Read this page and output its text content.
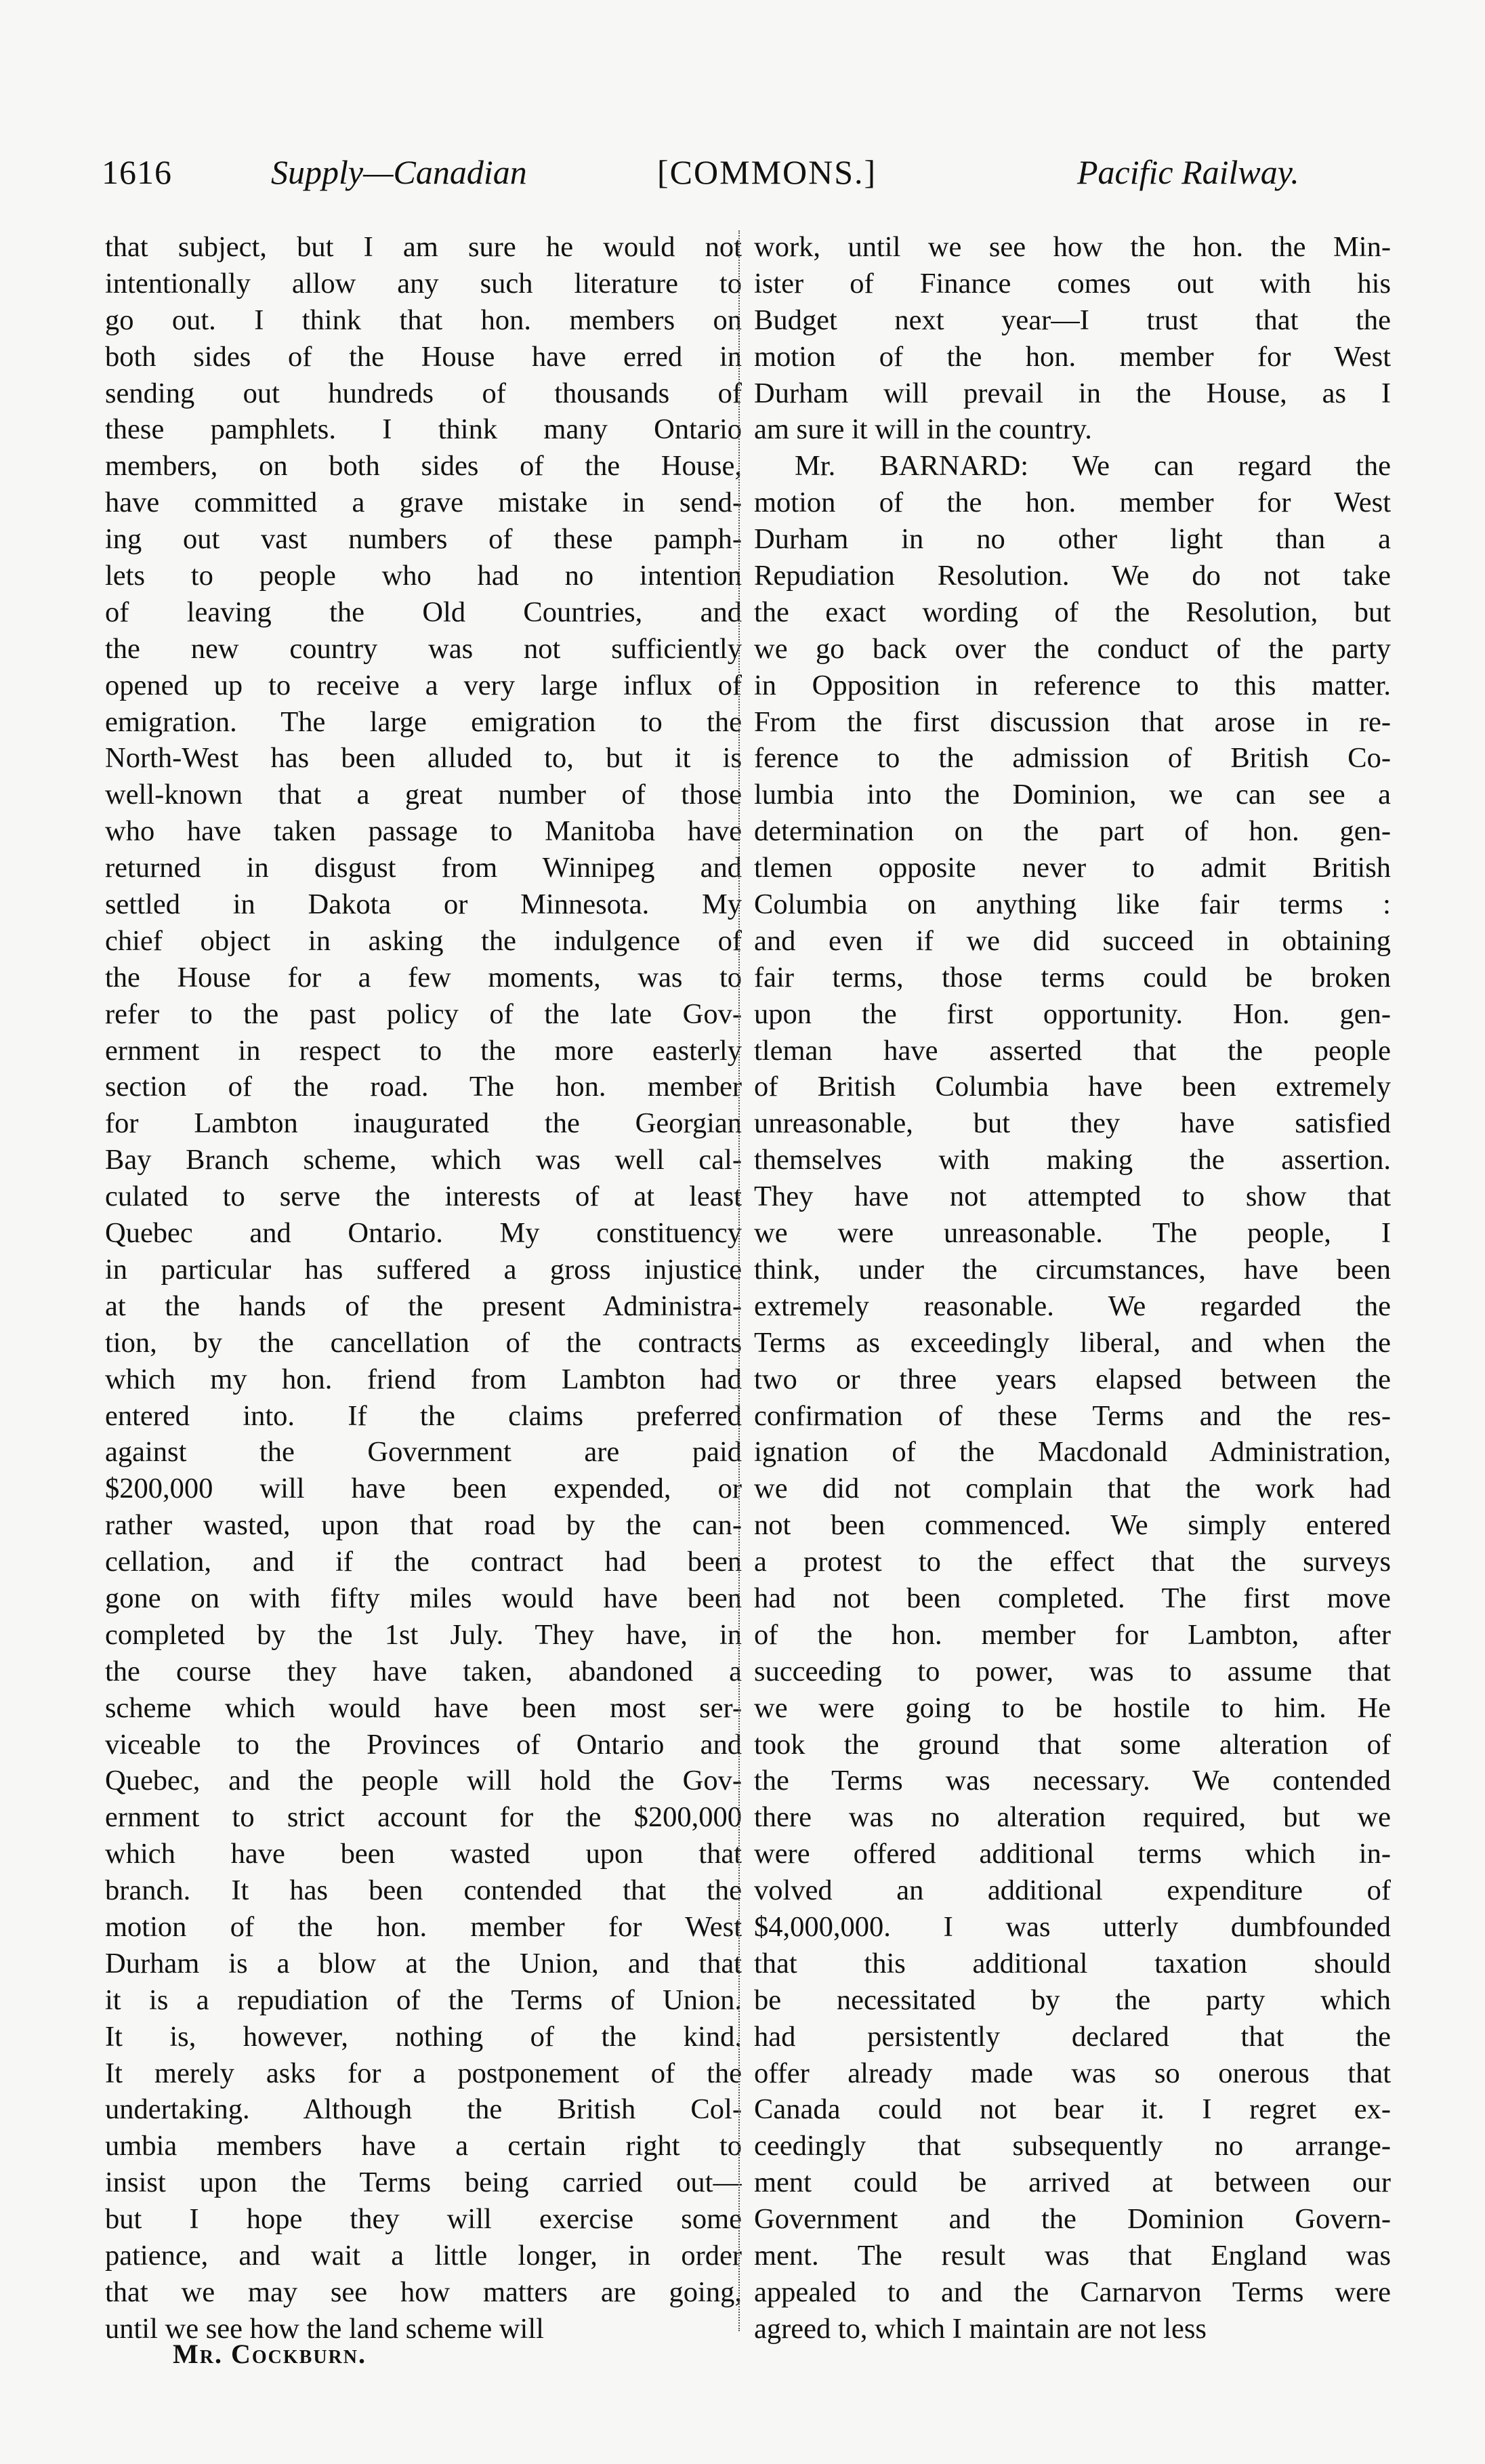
1616	Supply—Canadian	[COMMONS.]	Pacific Railway.
that subject, but I am sure he would not
intentionally allow any such literature to
go out. I think that hon. members on
both sides of the House have erred in
sending out hundreds of thousands of
these pamphlets. I think many Ontario
members, on both sides of the House,
have committed a grave mistake in send-
ing out vast numbers of these pamph-
lets to people who had no intention
of leaving the Old Countries, and
the new country was not sufficiently
opened up to receive a very large influx of
emigration. The large emigration to the
North-West has been alluded to, but it is
well-known that a great number of those
who have taken passage to Manitoba have
returned in disgust from Winnipeg and
settled in Dakota or Minnesota. My
chief object in asking the indulgence of
the House for a few moments, was to
refer to the past policy of the late Gov-
ernment in respect to the more easterly
section of the road. The hon. member
for Lambton inaugurated the Georgian
Bay Branch scheme, which was well cal-
culated to serve the interests of at least
Quebec and Ontario. My constituency
in particular has suffered a gross injustice
at the hands of the present Administra-
tion, by the cancellation of the contracts
which my hon. friend from Lambton had
entered into. If the claims preferred
against the Government are paid
$200,000 will have been expended, or
rather wasted, upon that road by the can-
cellation, and if the contract had been
gone on with fifty miles would have been
completed by the 1st July. They have, in
the course they have taken, abandoned a
scheme which would have been most ser-
viceable to the Provinces of Ontario and
Quebec, and the people will hold the Gov-
ernment to strict account for the $200,000
which have been wasted upon that
branch. It has been contended that the
motion of the hon. member for West
Durham is a blow at the Union, and that
it is a repudiation of the Terms of Union.
It is, however, nothing of the kind.
It merely asks for a postponement of the
undertaking. Although the British Col-
umbia members have a certain right to
insist upon the Terms being carried out—
but I hope they will exercise some
patience, and wait a little longer, in order
that we may see how matters are going,
until we see how the land scheme will
work, until we see how the hon. the Min-
ister of Finance comes out with his
Budget next year—I trust that the
motion of the hon. member for West
Durham will prevail in the House, as I
am sure it will in the country.
Mr. BARNARD: We can regard the
motion of the hon. member for West
Durham in no other light than a
Repudiation Resolution. We do not take
the exact wording of the Resolution, but
we go back over the conduct of the party
in Opposition in reference to this matter.
From the first discussion that arose in re-
ference to the admission of British Co-
lumbia into the Dominion, we can see a
determination on the part of hon. gen-
tlemen opposite never to admit British
Columbia on anything like fair terms :
and even if we did succeed in obtaining
fair terms, those terms could be broken
upon the first opportunity. Hon. gen-
tleman have asserted that the people
of British Columbia have been extremely
unreasonable, but they have satisfied
themselves with making the assertion.
They have not attempted to show that
we were unreasonable. The people, I
think, under the circumstances, have been
extremely reasonable. We regarded the
Terms as exceedingly liberal, and when the
two or three years elapsed between the
confirmation of these Terms and the res-
ignation of the Macdonald Administration,
we did not complain that the work had
not been commenced. We simply entered
a protest to the effect that the surveys
had not been completed. The first move
of the hon. member for Lambton, after
succeeding to power, was to assume that
we were going to be hostile to him. He
took the ground that some alteration of
the Terms was necessary. We contended
there was no alteration required, but we
were offered additional terms which in-
volved an additional expenditure of
$4,000,000. I was utterly dumbfounded
that this additional taxation should
be necessitated by the party which
had persistently declared that the
offer already made was so onerous that
Canada could not bear it. I regret ex-
ceedingly that subsequently no arrange-
ment could be arrived at between our
Government and the Dominion Govern-
ment. The result was that England was
appealed to and the Carnarvon Terms were
agreed to, which I maintain are not less
Mr. Cockburn.
